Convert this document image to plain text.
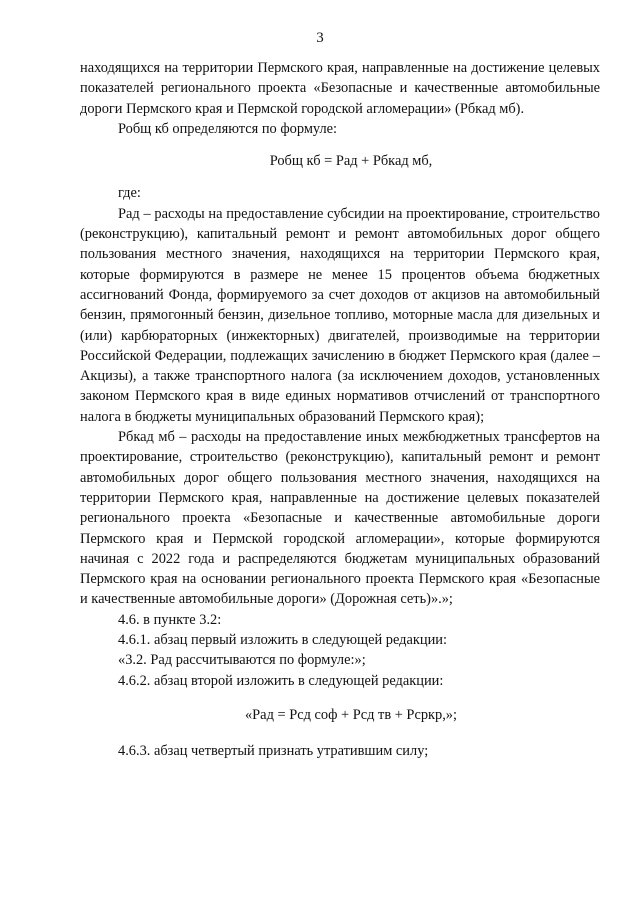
3

находящихся на территории Пермского края, направленные на достижение целевых показателей регионального проекта «Безопасные и качественные автомобильные дороги Пермского края и Пермской городской агломерации» (Рбкад мб).

Робщ кб определяются по формуле:

Робщ кб = Рад + Рбкад мб,

где:

Рад – расходы на предоставление субсидии на проектирование, строительство (реконструкцию), капитальный ремонт и ремонт автомобильных дорог общего пользования местного значения, находящихся на территории Пермского края, которые формируются в размере не менее 15 процентов объема бюджетных ассигнований Фонда, формируемого за счет доходов от акцизов на автомобильный бензин, прямогонный бензин, дизельное топливо, моторные масла для дизельных и (или) карбюраторных (инжекторных) двигателей, производимые на территории Российской Федерации, подлежащих зачислению в бюджет Пермского края (далее – Акцизы), а также транспортного налога (за исключением доходов, установленных законом Пермского края в виде единых нормативов отчислений от транспортного налога в бюджеты муниципальных образований Пермского края);

Рбкад мб – расходы на предоставление иных межбюджетных трансфертов на проектирование, строительство (реконструкцию), капитальный ремонт и ремонт автомобильных дорог общего пользования местного значения, находящихся на территории Пермского края, направленные на достижение целевых показателей регионального проекта «Безопасные и качественные автомобильные дороги Пермского края и Пермской городской агломерации», которые формируются начиная с 2022 года и распределяются бюджетам муниципальных образований Пермского края на основании регионального проекта Пермского края «Безопасные и качественные автомобильные дороги» (Дорожная сеть)».»;

4.6. в пункте 3.2:

4.6.1. абзац первый изложить в следующей редакции:

«3.2. Рад рассчитываются по формуле:»;

4.6.2. абзац второй изложить в следующей редакции:

«Рад = Рсд соф + Рсд тв + Рсркр,»;

4.6.3. абзац четвертый признать утратившим силу;
